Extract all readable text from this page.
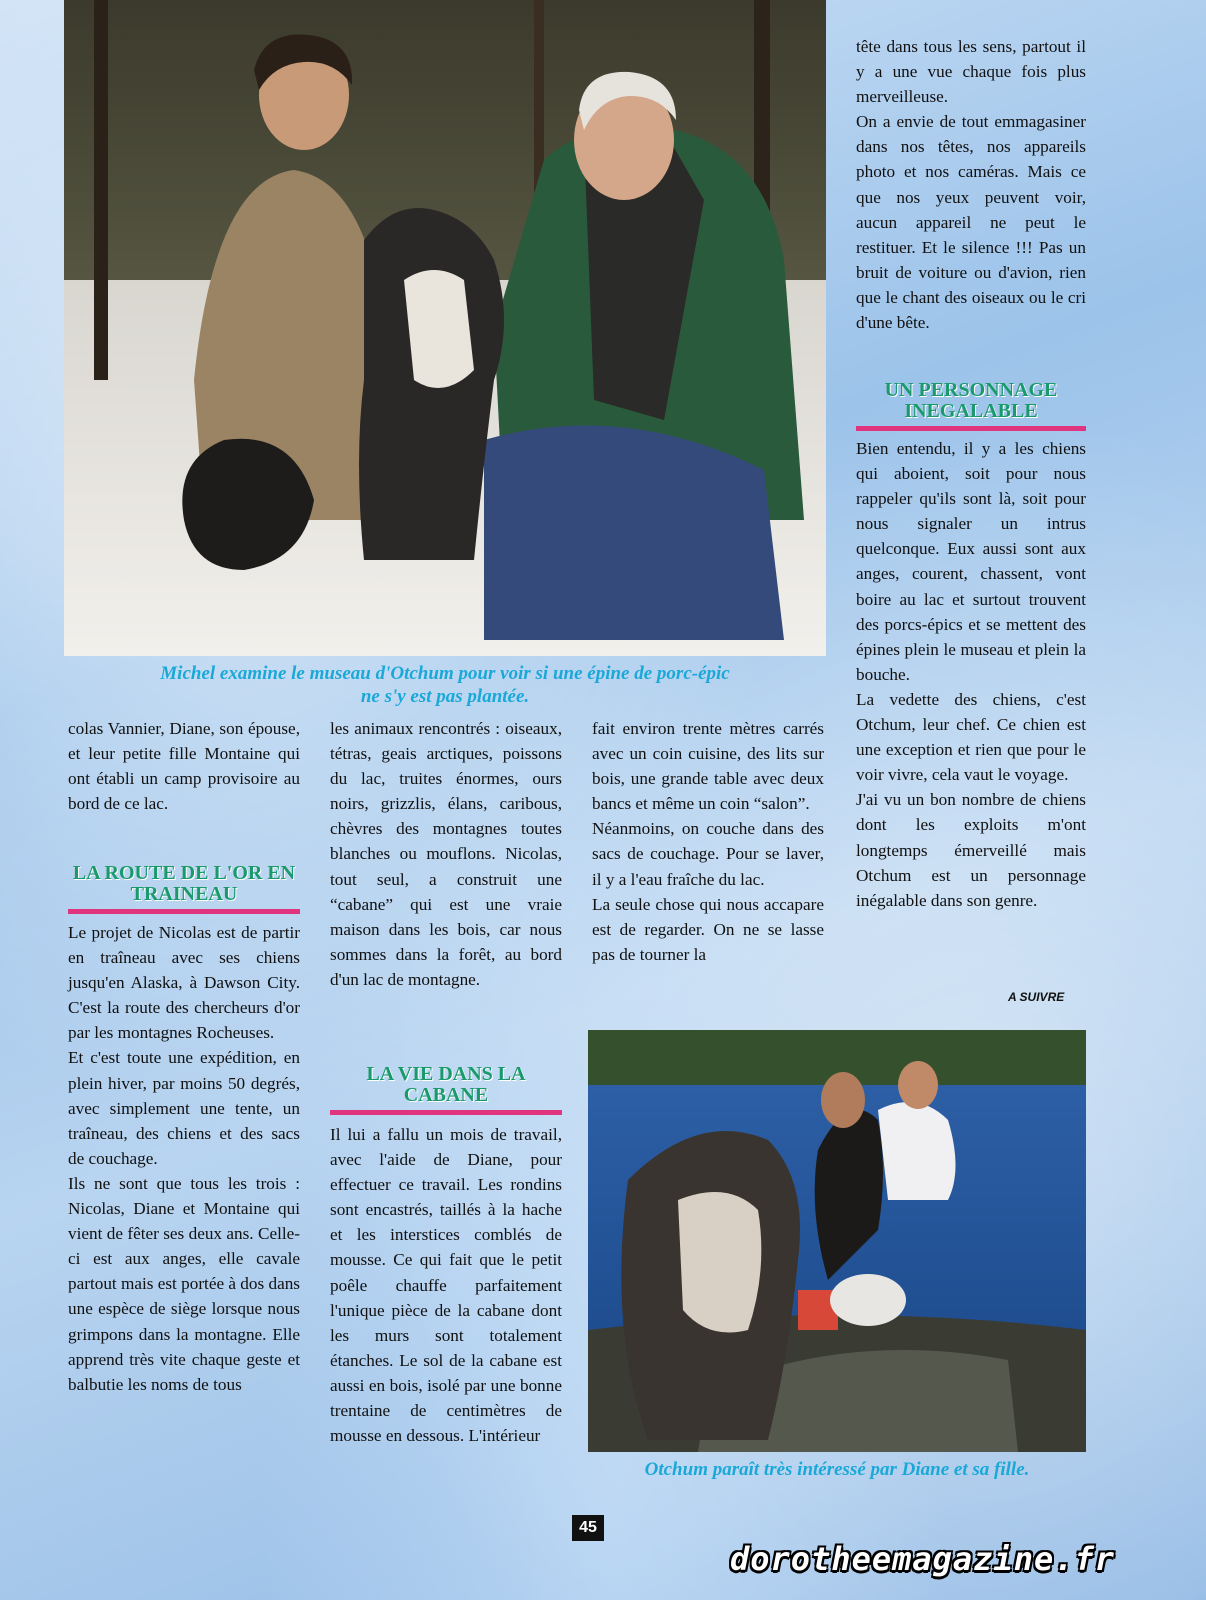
Michel examine le museau d'Otchum pour voir si une épine de porc-épic ne s'y est pas plantée.

colas Vannier, Diane, son épouse, et leur petite fille Montaine qui ont établi un camp provisoire au bord de ce lac.

LA ROUTE DE L'OR EN TRAINEAU

Le projet de Nicolas est de partir en traîneau avec ses chiens jusqu'en Alaska, à Dawson City. C'est la route des chercheurs d'or par les montagnes Rocheuses.

Et c'est toute une expédition, en plein hiver, par moins 50 degrés, avec simplement une tente, un traîneau, des chiens et des sacs de couchage.

Ils ne sont que tous les trois : Nicolas, Diane et Montaine qui vient de fêter ses deux ans. Celle-ci est aux anges, elle cavale partout mais est portée à dos dans une espèce de siège lorsque nous grimpons dans la montagne. Elle apprend très vite chaque geste et balbutie les noms de tous

les animaux rencontrés : oiseaux, tétras, geais arctiques, poissons du lac, truites énormes, ours noirs, grizzlis, élans, caribous, chèvres des montagnes toutes blanches ou mouflons. Nicolas, tout seul, a construit une “cabane” qui est une vraie maison dans les bois, car nous sommes dans la forêt, au bord d'un lac de montagne.

LA VIE DANS LA CABANE

Il lui a fallu un mois de travail, avec l'aide de Diane, pour effectuer ce travail. Les rondins sont encastrés, taillés à la hache et les interstices comblés de mousse. Ce qui fait que le petit poêle chauffe parfaitement l'unique pièce de la cabane dont les murs sont totalement étanches. Le sol de la cabane est aussi en bois, isolé par une bonne trentaine de centimètres de mousse en dessous. L'intérieur

fait environ trente mètres carrés avec un coin cuisine, des lits sur bois, une grande table avec deux bancs et même un coin “salon”.

Néanmoins, on couche dans des sacs de couchage. Pour se laver, il y a l'eau fraîche du lac.

La seule chose qui nous accapare est de regarder. On ne se lasse pas de tourner la

tête dans tous les sens, partout il y a une vue chaque fois plus merveilleuse.

On a envie de tout emmagasiner dans nos têtes, nos appareils photo et nos caméras. Mais ce que nos yeux peuvent voir, aucun appareil ne peut le restituer. Et le silence !!! Pas un bruit de voiture ou d'avion, rien que le chant des oiseaux ou le cri d'une bête.

UN PERSONNAGE INEGALABLE

Bien entendu, il y a les chiens qui aboient, soit pour nous rappeler qu'ils sont là, soit pour nous signaler un intrus quelconque. Eux aussi sont aux anges, courent, chassent, vont boire au lac et surtout trouvent des porcs-épics et se mettent des épines plein le museau et plein la bouche.

La vedette des chiens, c'est Otchum, leur chef. Ce chien est une exception et rien que pour le voir vivre, cela vaut le voyage.

J'ai vu un bon nombre de chiens dont les exploits m'ont longtemps émerveillé mais Otchum est un personnage inégalable dans son genre.

A SUIVRE
Otchum paraît très intéressé par Diane et sa fille.
45
dorotheemagazine.fr
